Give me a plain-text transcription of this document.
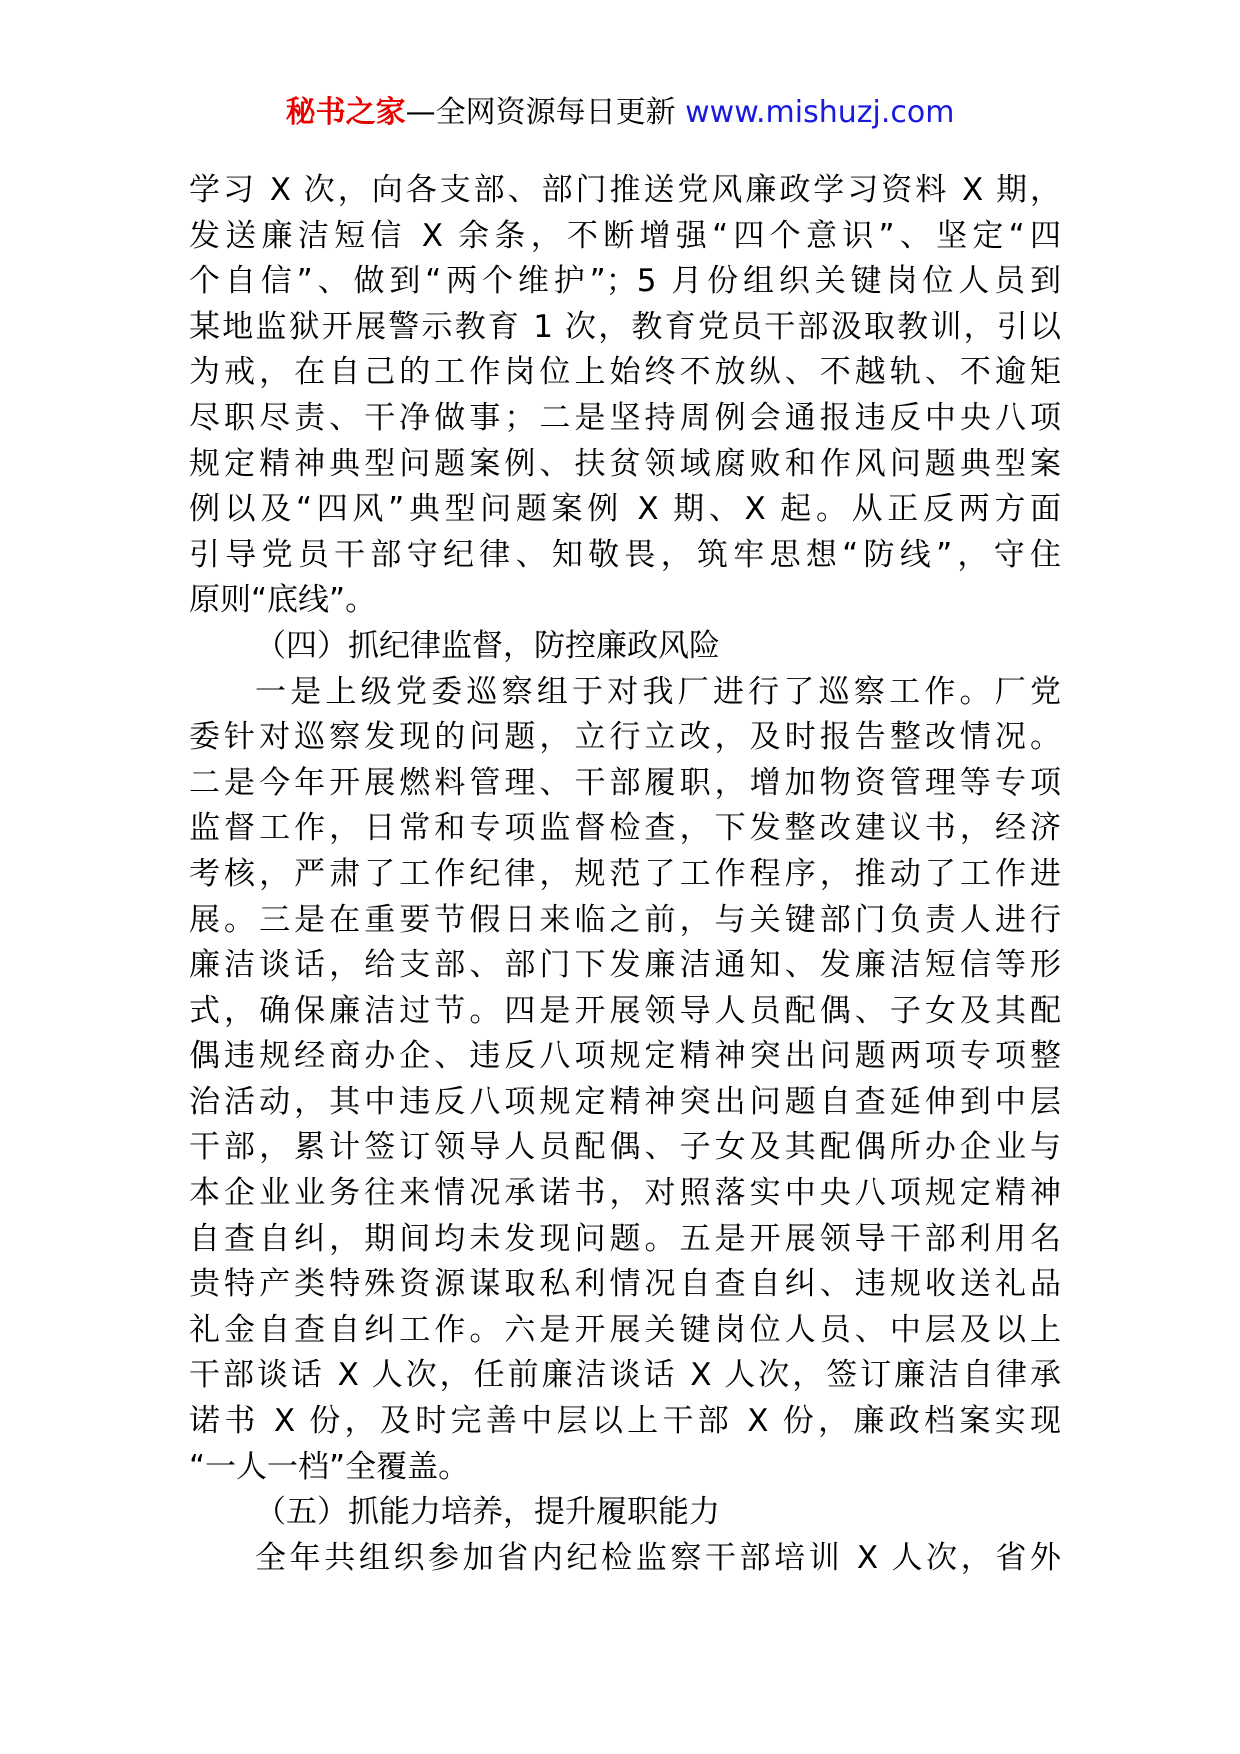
秘书之家—全网资源每日更新 www.mishuzj.com
学习 X 次，向各支部、部门推送党风廉政学习资料 X 期，
发送廉洁短信 X 余条，不断增强“四个意识”、坚定“四
个自信”、做到“两个维护”；5 月份组织关键岗位人员到
某地监狱开展警示教育 1 次，教育党员干部汲取教训，引以
为戒，在自己的工作岗位上始终不放纵、不越轨、不逾矩
尽职尽责、干净做事；二是坚持周例会通报违反中央八项
规定精神典型问题案例、扶贫领域腐败和作风问题典型案
例以及“四风”典型问题案例 X 期、X 起。从正反两方面
引导党员干部守纪律、知敬畏，筑牢思想“防线”，守住
原则“底线”。
（四）抓纪律监督，防控廉政风险
一是上级党委巡察组于对我厂进行了巡察工作。厂党
委针对巡察发现的问题，立行立改，及时报告整改情况。
二是今年开展燃料管理、干部履职，增加物资管理等专项
监督工作，日常和专项监督检查，下发整改建议书，经济
考核，严肃了工作纪律，规范了工作程序，推动了工作进
展。三是在重要节假日来临之前，与关键部门负责人进行
廉洁谈话，给支部、部门下发廉洁通知、发廉洁短信等形
式，确保廉洁过节。四是开展领导人员配偶、子女及其配
偶违规经商办企、违反八项规定精神突出问题两项专项整
治活动，其中违反八项规定精神突出问题自查延伸到中层
干部，累计签订领导人员配偶、子女及其配偶所办企业与
本企业业务往来情况承诺书，对照落实中央八项规定精神
自查自纠，期间均未发现问题。五是开展领导干部利用名
贵特产类特殊资源谋取私利情况自查自纠、违规收送礼品
礼金自查自纠工作。六是开展关键岗位人员、中层及以上
干部谈话 X 人次，任前廉洁谈话 X 人次，签订廉洁自律承
诺书 X 份，及时完善中层以上干部 X 份，廉政档案实现
“一人一档”全覆盖。
（五）抓能力培养，提升履职能力
全年共组织参加省内纪检监察干部培训 X 人次，省外
